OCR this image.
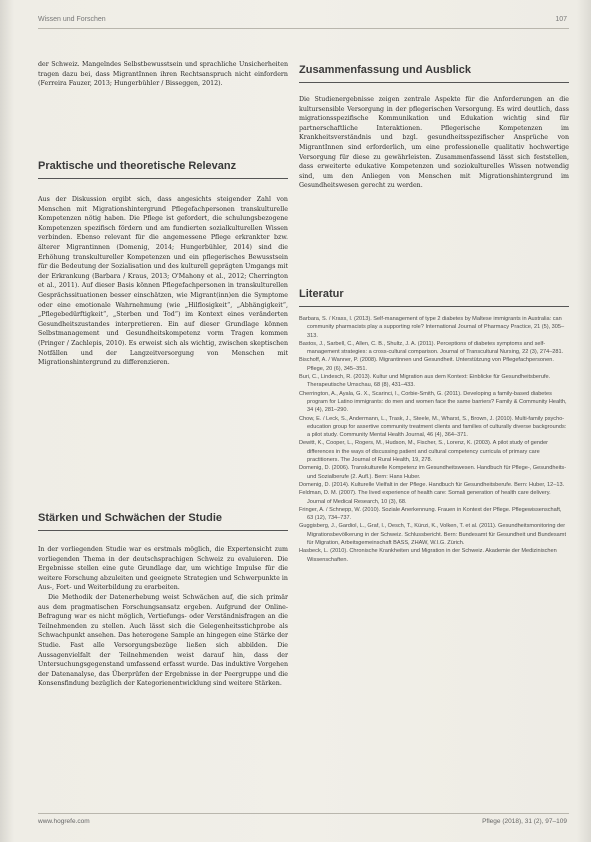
Wissen und Forschen	107

der Schweiz. Mangelndes Selbstbewusstsein und sprachliche Unsicherheiten tragen dazu bei, dass MigrantInnen ihren Rechtsanspruch nicht einfordern (Ferreira Fauzer, 2013; Hungerbühler / Bisseggen, 2012).

Praktische und theoretische Relevanz

Aus der Diskussion ergibt sich, dass angesichts steigender Zahl von Menschen mit Migrationshintergrund Pflegefachpersonen transkulturelle Kompetenzen nötig haben. Die Pflege ist gefordert, die schulungsbezogene Kompetenzen spezifisch fördern und am fundierten sozialkulturellen Wissen verbinden. Ebenso relevant für die angemessene Pflege erkrankter bzw. älterer Migrantinnen (Domenig, 2014; Hungerbühler, 2014) sind die Erhöhung transkultureller Kompetenzen und ein pflegerisches Bewusstsein für die Bedeutung der Sozialisation und des kulturell geprägten Umgangs mit der Erkrankung (Barbara / Kraus, 2013; O'Mahony et al., 2012; Cherrington et al., 2011). Auf dieser Basis können Pflegefachpersonen in transkulturellen Gesprächssituationen besser einschätzen, wie Migrant(inn)en die Symptome oder eine emotionale Wahrnehmung (wie „Hilflosigkeit“, „Abhängigkeit“, „Pflegebedürftigkeit“, „Sterben und Tod“) im Kontext eines veränderten Gesundheitszustandes interpretieren. Ein auf dieser Grundlage können Selbstmanagement und Gesundheitskompetenz vorm Tragen kommen (Pringer / Zachlepis, 2010). Es erweist sich als wichtig, zwischen skeptischen Notfällen und der Langzeitversorgung von Menschen mit Migrationshintergrund zu differenzieren.

Stärken und Schwächen der Studie

In der vorliegenden Studie war es erstmals möglich, die Expertensicht zum vorliegenden Thema in der deutschsprachigen Schweiz zu evaluieren. Die Ergebnisse stellen eine gute Grundlage dar, um wichtige Impulse für die weitere Forschung abzuleiten und geeignete Strategien und Schwerpunkte in Aus-, Fort- und Weiterbildung zu erarbeiten.

Die Methodik der Datenerhebung weist Schwächen auf, die sich primär aus dem pragmatischen Forschungsansatz ergeben. Aufgrund der Online-Befragung war es nicht möglich, Vertiefungs- oder Verständnisfragen an die Teilnehmenden zu stellen. Auch lässt sich die Gelegenheitsstichprobe als Schwachpunkt ansehen. Das heterogene Sample an hingegen eine Stärke der Studie. Fast alle Versorgungsbezüge ließen sich abbilden. Die Aussagenvielfalt der Teilnehmenden weist darauf hin, dass der Untersuchungsgegenstand umfassend erfasst wurde. Das induktive Vorgehen der Datenanalyse, das Überprüfen der Ergebnisse in der Peergruppe und die Konsensfindung bezüglich der Kategorienentwicklung sind weitere Stärken.

Zusammenfassung und Ausblick

Die Studienergebnisse zeigen zentrale Aspekte für die Anforderungen an die kultursensible Versorgung in der pflegerischen Versorgung. Es wird deutlich, dass migrationsspezifische Kommunikation und Edukation wichtig sind für partnerschaftliche Interaktionen. Pflegerische Kompetenzen im Krankheitsverständnis und bzgl. gesundheitsspezifischer Ansprüche von MigrantInnen sind erforderlich, um eine professionelle qualitativ hochwertige Versorgung für diese zu gewährleisten. Zusammenfassend lässt sich feststellen, dass erweiterte edukative Kompetenzen und soziokulturelles Wissen notwendig sind, um den Anliegen von Menschen mit Migrationshintergrund im Gesundheitswesen gerecht zu werden.

Literatur
Barbara, S. / Krass, I. (2013). Self-management of type 2 diabetes by Maltese immigrants in Australia: can community pharmacists play a supporting role? International Journal of Pharmacy Practice, 21 (5), 305–313.
Bastos, J., Sarbell, C., Allen, C. B., Shultz, J. A. (2011). Perceptions of diabetes symptoms and self-management strategies: a cross-cultural comparison. Journal of Transcultural Nursing, 22 (3), 274–281.
Bischoff, A. / Wanner, P. (2008). Migrantinnen und Gesundheit. Unterstützung von Pflegefachpersonen. Pflege, 20 (6), 345–351.
Buri, C., Lindesch, R. (2013). Kultur und Migration aus dem Kontext: Einblicke für Gesundheitsberufe. Therapeutische Umschau, 68 (8), 431–433.
Cherrington, A., Ayala, G. X., Scarinci, I., Corbie-Smith, G. (2011). Developing a family-based diabetes program for Latino immigrants: do men and women face the same barriers? Family & Community Health, 34 (4), 281–290.
Chow, E. / Leck, S., Andermann, L., Trask, J., Steele, M., Wharst, S., Brown, J. (2010). Multi-family psycho-education group for assertive community treatment clients and families of culturally diverse backgrounds: a pilot study. Community Mental Health Journal, 46 (4), 364–371.
Dewitt, K., Cooper, L., Rogers, M., Hudson, M., Fischer, S., Lorenz, K. (2003). A pilot study of gender differences in the ways of discussing patient and cultural competency curricula of primary care practitioners. The Journal of Rural Health, 19, 278.
Domenig, D. (2006). Transkulturelle Kompetenz im Gesundheitswesen. Handbuch für Pflege-, Gesundheits- und Sozialberufe (2. Aufl.). Bern: Hans Huber.
Domenig, D. (2014). Kulturelle Vielfalt in der Pflege. Handbuch für Gesundheitsberufe. Bern: Huber, 12–13.
Feldman, D. M. (2007). The lived experience of health care: Somali generation of health care delivery. Journal of Medical Research, 10 (3), 68.
Fringer, A. / Schnepp, W. (2010). Soziale Anerkennung. Frauen in Kontext der Pflege. Pflegewissenschaft, 63 (12), 734–737.
Guggisberg, J., Gardiol, L., Graf, I., Oesch, T., Künzi, K., Volken, T. et al. (2011). Gesundheitsmonitoring der Migrationsbevölkerung in der Schweiz. Schlussbericht. Bern: Bundesamt für Gesundheit und Bundesamt für Migration, Arbeitsgemeinschaft BASS, ZHAW, W.I.G. Zürich.
Hasbeck, L. (2010). Chronische Krankheiten und Migration in der Schweiz. Akademie der Medizinischen Wissenschaften.
www.hogrefe.com	Pflege (2018), 31 (2), 97–109
